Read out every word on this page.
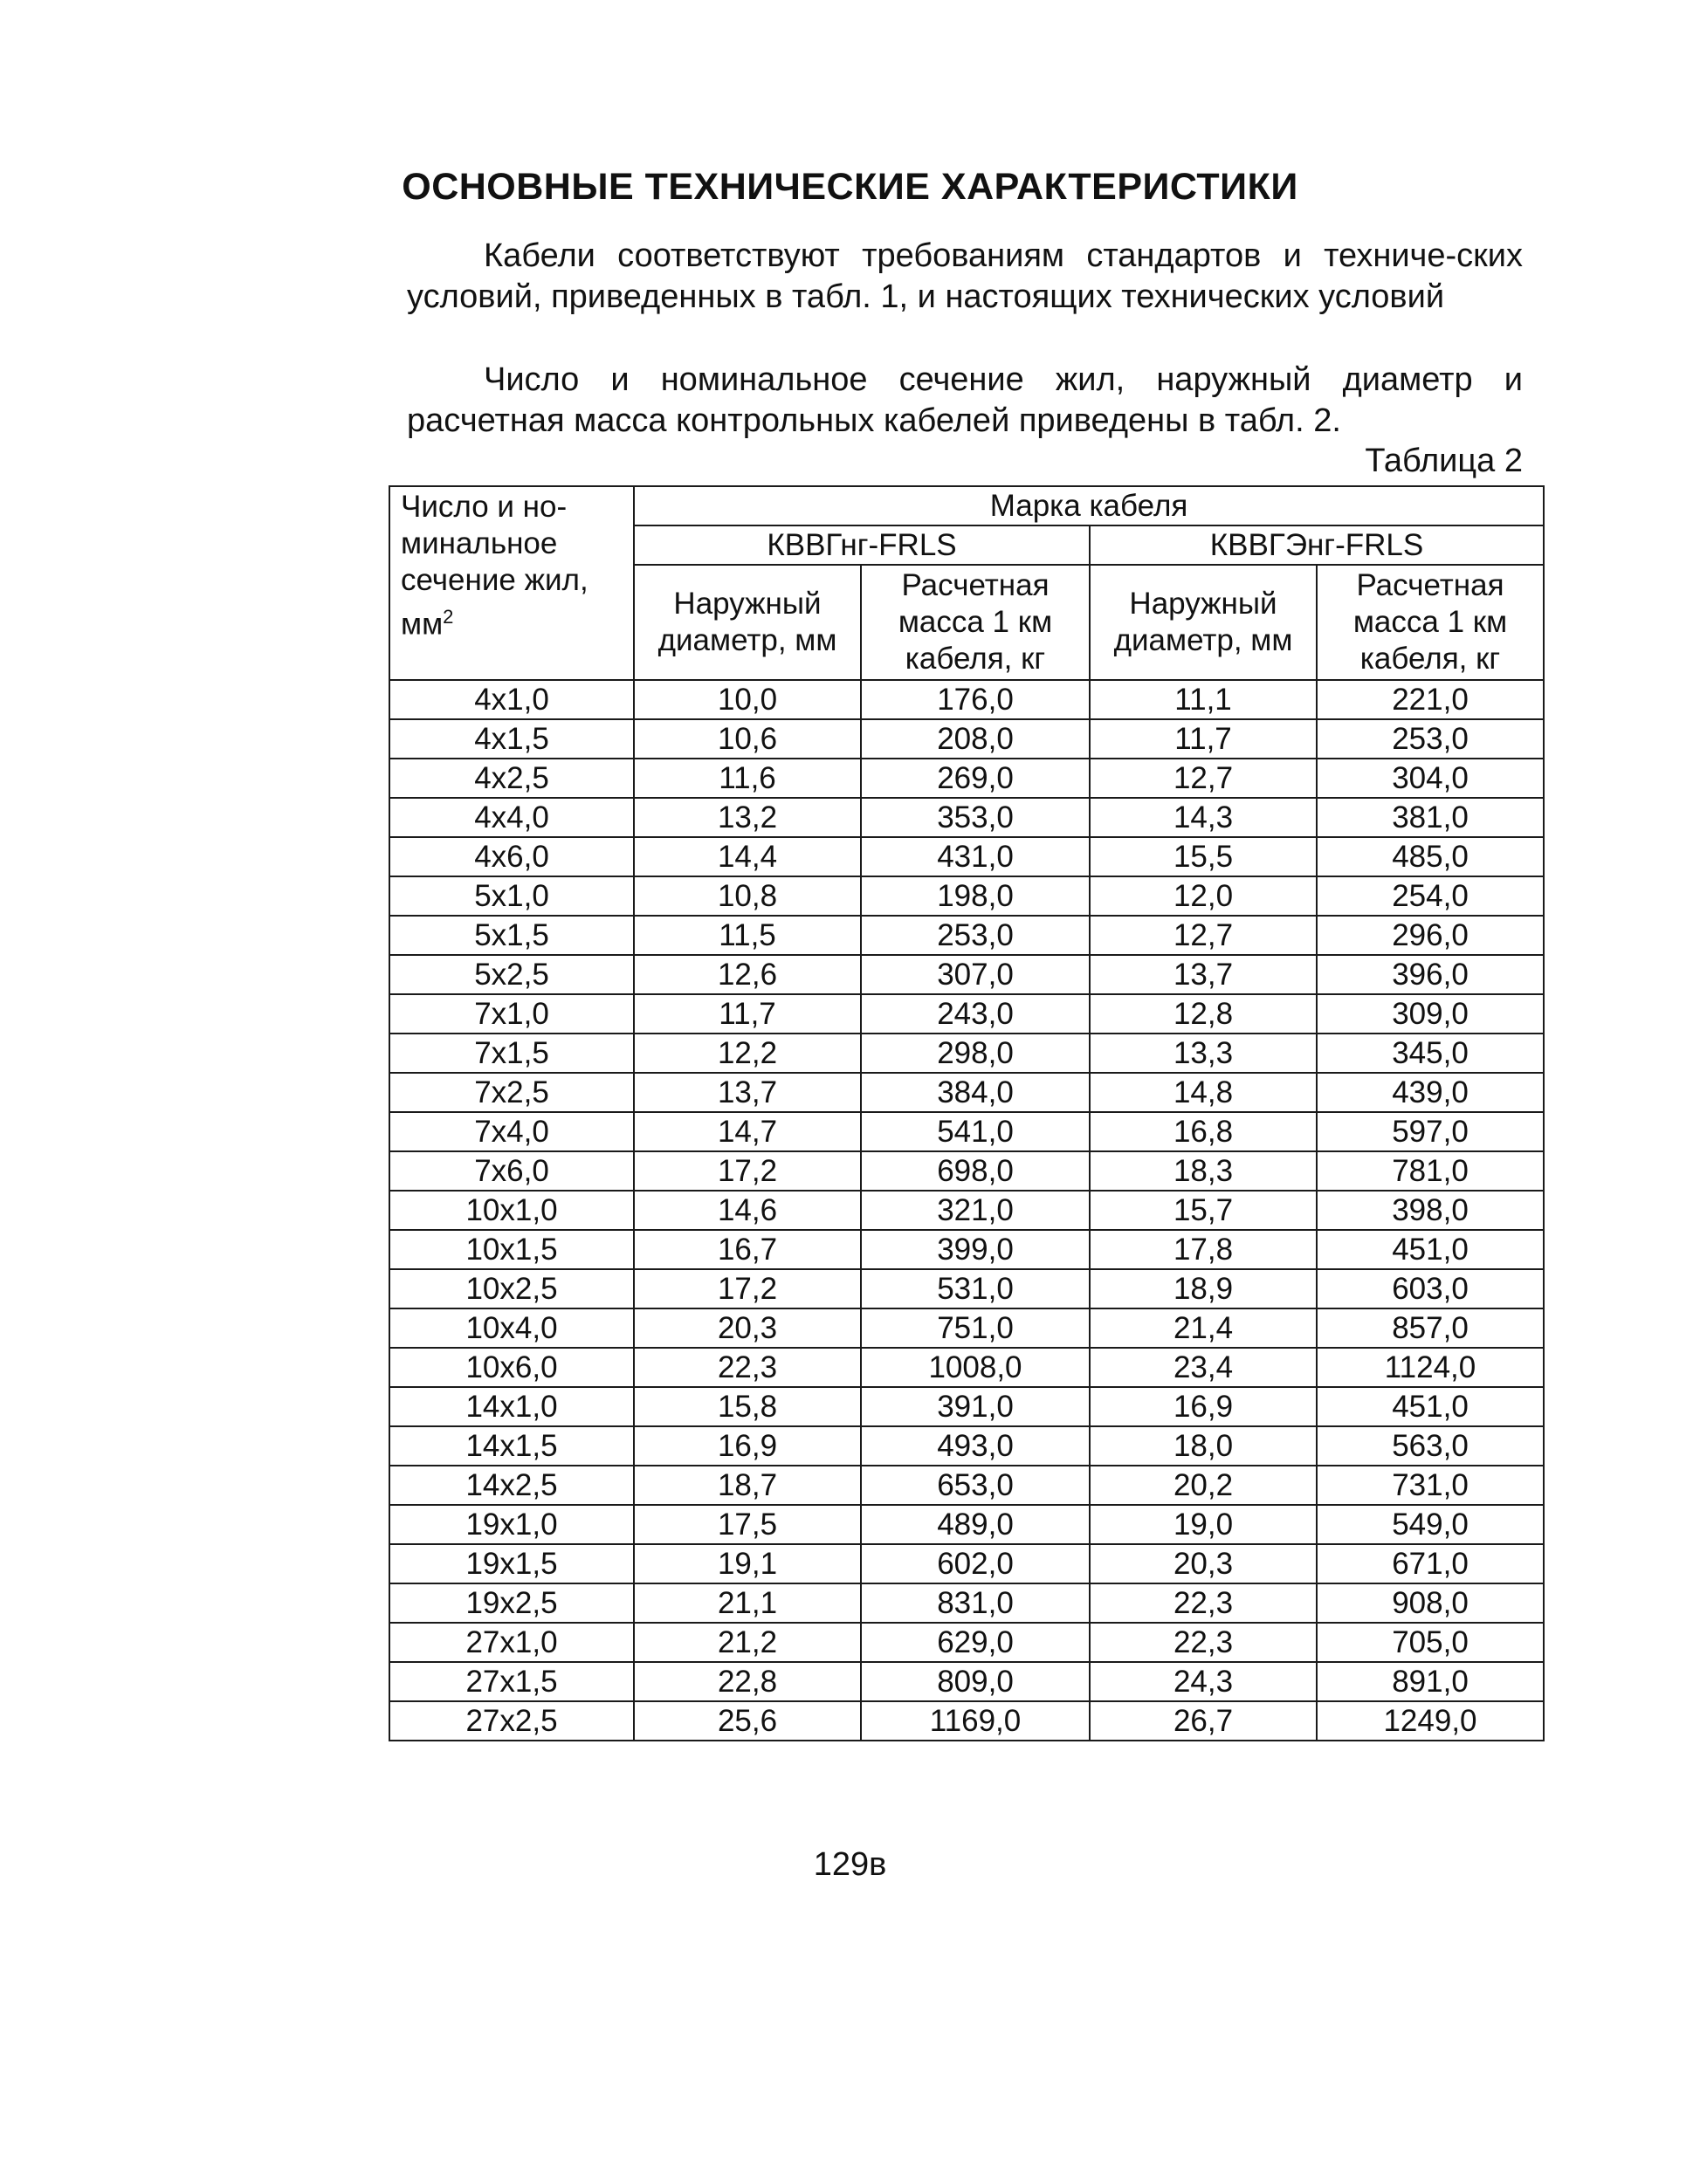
ОСНОВНЫЕ ТЕХНИЧЕСКИЕ ХАРАКТЕРИСТИКИ
Кабели соответствуют требованиям стандартов и техниче-ских условий, приведенных в табл. 1, и настоящих технических условий
Число и номинальное сечение жил, наружный диаметр и расчетная масса контрольных кабелей приведены в табл. 2.
Таблица 2
Число и но-минальное сечение жил, $мм^2$	Марка кабеля			
	КВВГнг-FRLS		КВВГЭнг-FRLS	
	Наружный диаметр, мм	Расчетная масса 1 км кабеля, кг	Наружный диаметр, мм	Расчетная масса 1 км кабеля, кг
4x1,0	10,0	176,0	11,1	221,0
4x1,5	10,6	208,0	11,7	253,0
4x2,5	11,6	269,0	12,7	304,0
4x4,0	13,2	353,0	14,3	381,0
4x6,0	14,4	431,0	15,5	485,0
5x1,0	10,8	198,0	12,0	254,0
5x1,5	11,5	253,0	12,7	296,0
5x2,5	12,6	307,0	13,7	396,0
7x1,0	11,7	243,0	12,8	309,0
7x1,5	12,2	298,0	13,3	345,0
7x2,5	13,7	384,0	14,8	439,0
7x4,0	14,7	541,0	16,8	597,0
7x6,0	17,2	698,0	18,3	781,0
10x1,0	14,6	321,0	15,7	398,0
10x1,5	16,7	399,0	17,8	451,0
10x2,5	17,2	531,0	18,9	603,0
10x4,0	20,3	751,0	21,4	857,0
10x6,0	22,3	1008,0	23,4	1124,0
14x1,0	15,8	391,0	16,9	451,0
14x1,5	16,9	493,0	18,0	563,0
14x2,5	18,7	653,0	20,2	731,0
19x1,0	17,5	489,0	19,0	549,0
19x1,5	19,1	602,0	20,3	671,0
19x2,5	21,1	831,0	22,3	908,0
27x1,0	21,2	629,0	22,3	705,0
27x1,5	22,8	809,0	24,3	891,0
27x2,5	25,6	1169,0	26,7	1249,0
129в
